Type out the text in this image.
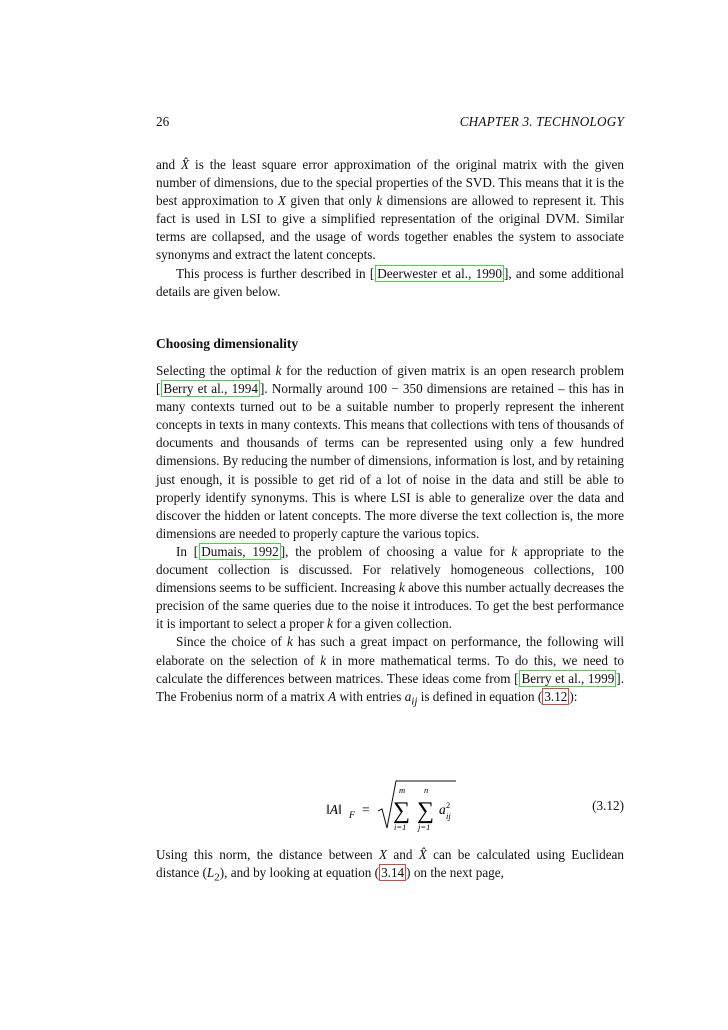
26	CHAPTER 3. TECHNOLOGY

and X̂ is the least square error approximation of the original matrix with the given number of dimensions, due to the special properties of the SVD. This means that it is the best approximation to X given that only k dimensions are allowed to represent it. This fact is used in LSI to give a simplified representation of the original DVM. Similar terms are collapsed, and the usage of words together enables the system to associate synonyms and extract the latent concepts.

This process is further described in [ Deerwester et al., 1990 ], and some additional details are given below.

Choosing dimensionality

Selecting the optimal k for the reduction of given matrix is an open research problem [ Berry et al., 1994 ]. Normally around 100 − 350 dimensions are retained – this has in many contexts turned out to be a suitable number to properly represent the inherent concepts in texts in many contexts. This means that collections with tens of thousands of documents and thousands of terms can be represented using only a few hundred dimensions. By reducing the number of dimensions, information is lost, and by retaining just enough, it is possible to get rid of a lot of noise in the data and still be able to properly identify synonyms. This is where LSI is able to generalize over the data and discover the hidden or latent concepts. The more diverse the text collection is, the more dimensions are needed to properly capture the various topics.

In [ Dumais, 1992 ], the problem of choosing a value for k appropriate to the document collection is discussed. For relatively homogeneous collections, 100 dimensions seems to be sufficient. Increasing k above this number actually decreases the precision of the same queries due to the noise it introduces. To get the best performance it is important to select a proper k for a given collection.

Since the choice of k has such a great impact on performance, the following will elaborate on the selection of k in more mathematical terms. To do this, we need to calculate the differences between matrices. These ideas come from [ Berry et al., 1999 ]. The Frobenius norm of a matrix A with entries $a_{ij}$ is defined in equation ( 3.12 ):

‖A‖ F =
m
∑
i=1
n
∑
j=1
a 2
ij
(3.12)

Using this norm, the distance between X and X̂ can be calculated using Euclidean distance $(L_2)$, and by looking at equation ( 3.14 ) on the next page,
